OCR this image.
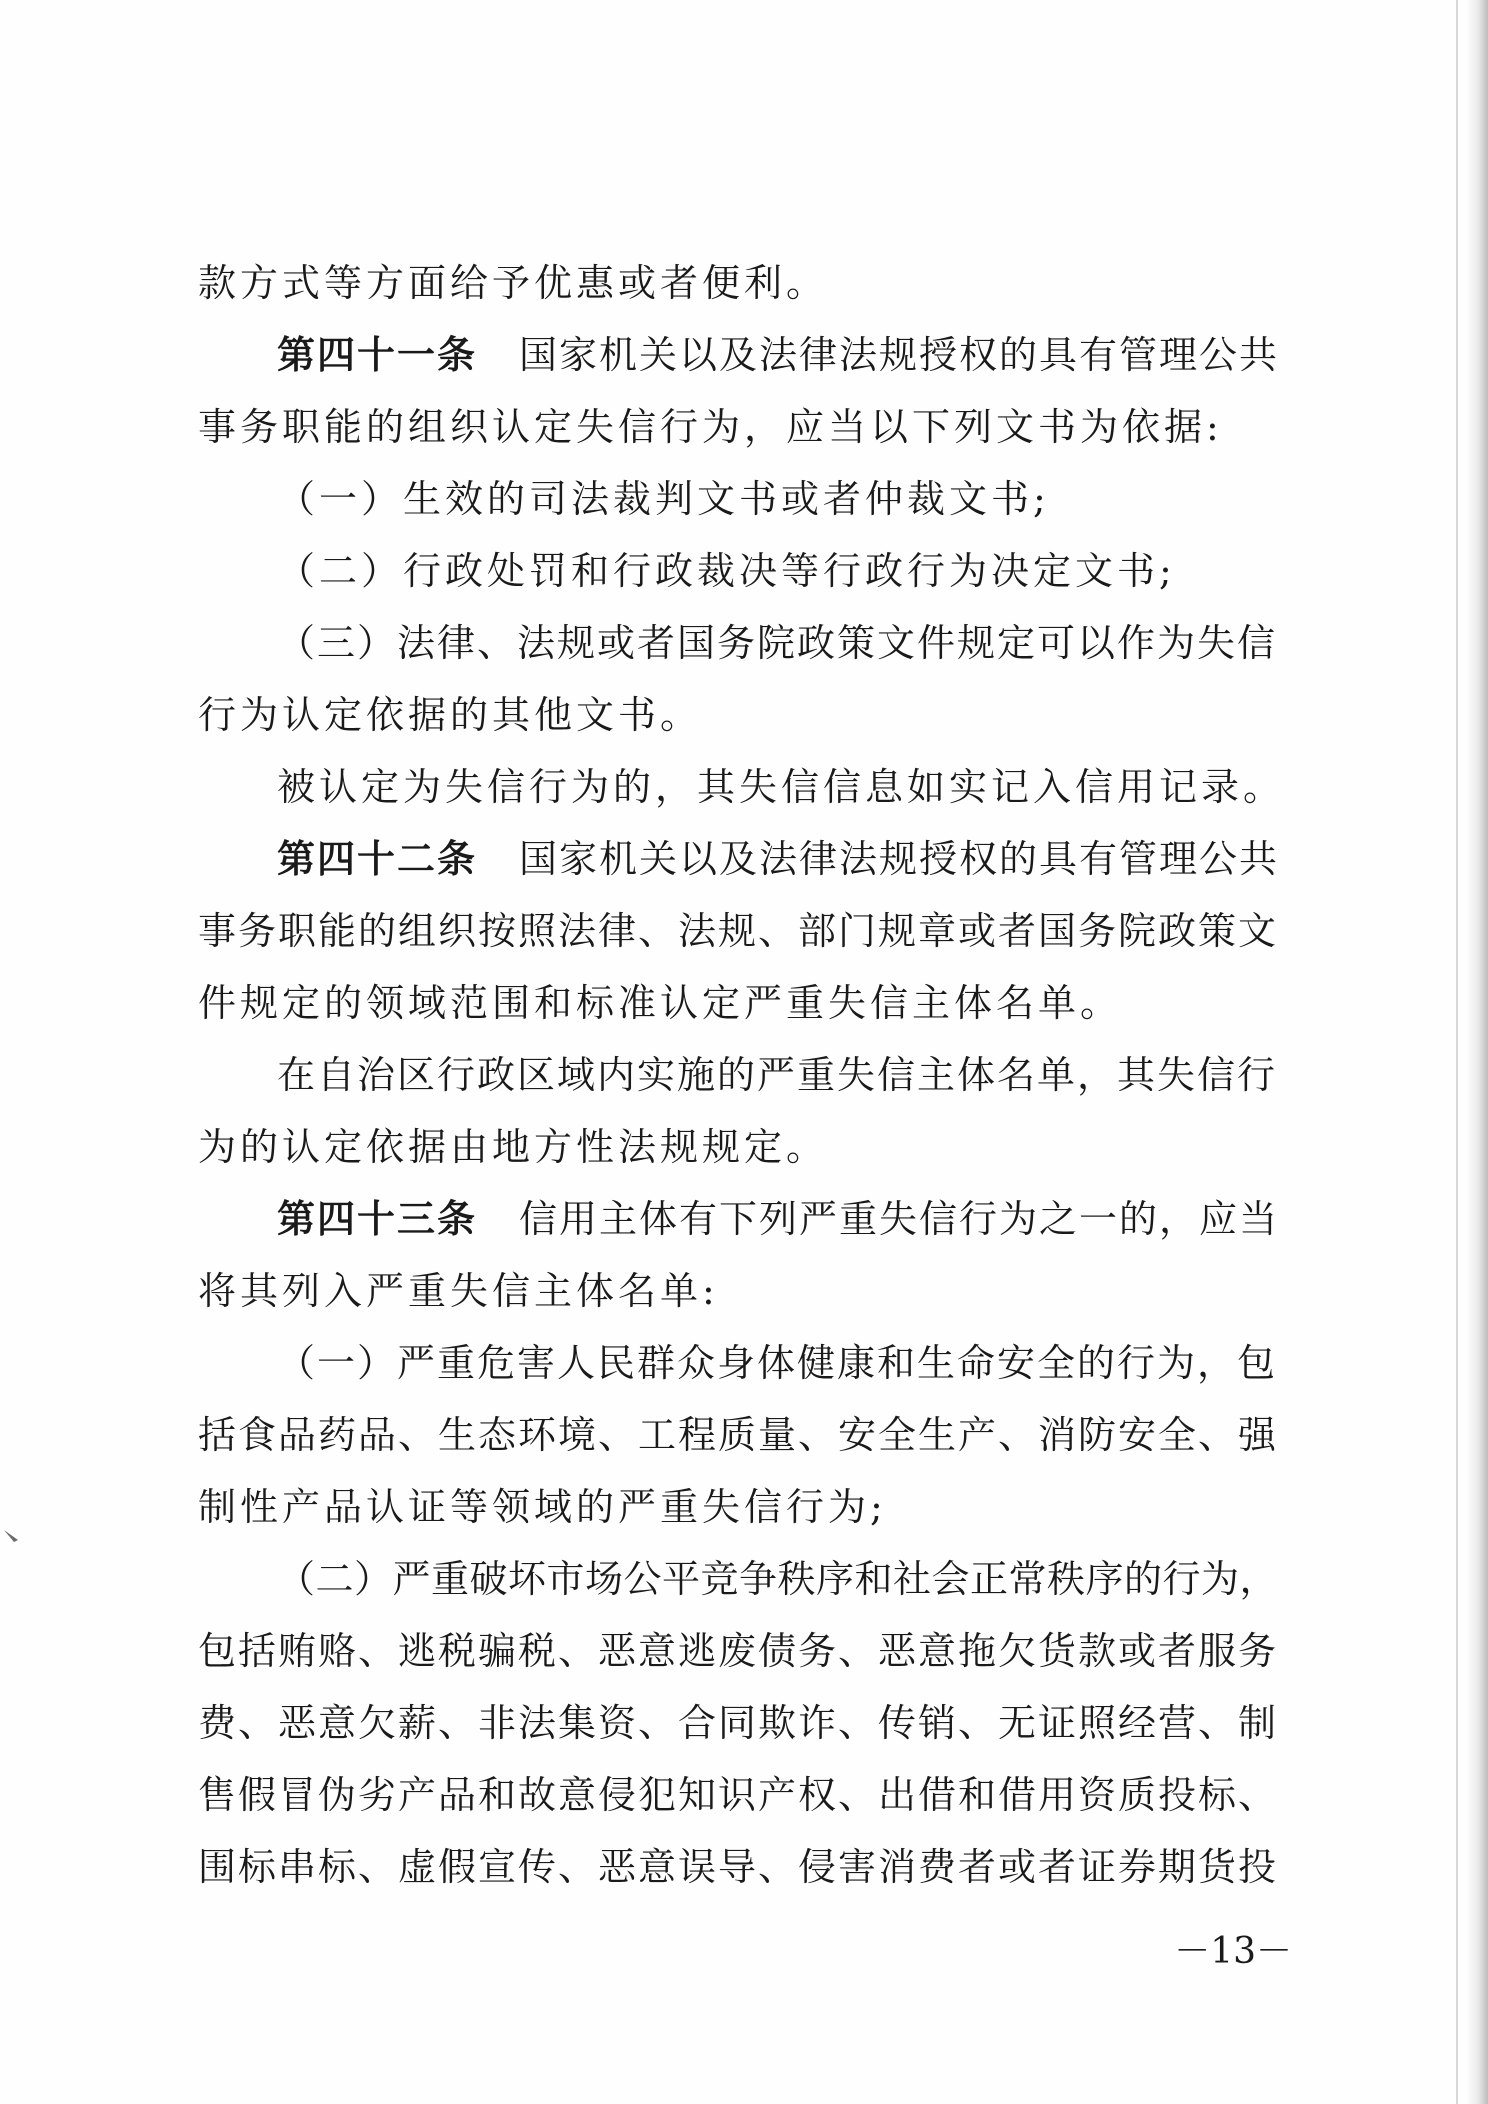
款方式等方面给予优惠或者便利。
第四十一条 国家机关以及法律法规授权的具有管理公共
事务职能的组织认定失信行为，应当以下列文书为依据:
（一）生效的司法裁判文书或者仲裁文书;
（二）行政处罚和行政裁决等行政行为决定文书;
（三）法律、法规或者国务院政策文件规定可以作为失信
行为认定依据的其他文书。
被认定为失信行为的，其失信信息如实记入信用记录。
第四十二条 国家机关以及法律法规授权的具有管理公共
事务职能的组织按照法律、法规、部门规章或者国务院政策文
件规定的领域范围和标准认定严重失信主体名单。
在自治区行政区域内实施的严重失信主体名单，其失信行
为的认定依据由地方性法规规定。
第四十三条 信用主体有下列严重失信行为之一的，应当
将其列入严重失信主体名单:
（一）严重危害人民群众身体健康和生命安全的行为，包
括食品药品、生态环境、工程质量、安全生产、消防安全、强
制性产品认证等领域的严重失信行为;
（二）严重破坏市场公平竞争秩序和社会正常秩序的行为，
包括贿赂、逃税骗税、恶意逃废债务、恶意拖欠货款或者服务
费、恶意欠薪、非法集资、合同欺诈、传销、无证照经营、制
售假冒伪劣产品和故意侵犯知识产权、出借和借用资质投标、
围标串标、虚假宣传、恶意误导、侵害消费者或者证券期货投
－13－
